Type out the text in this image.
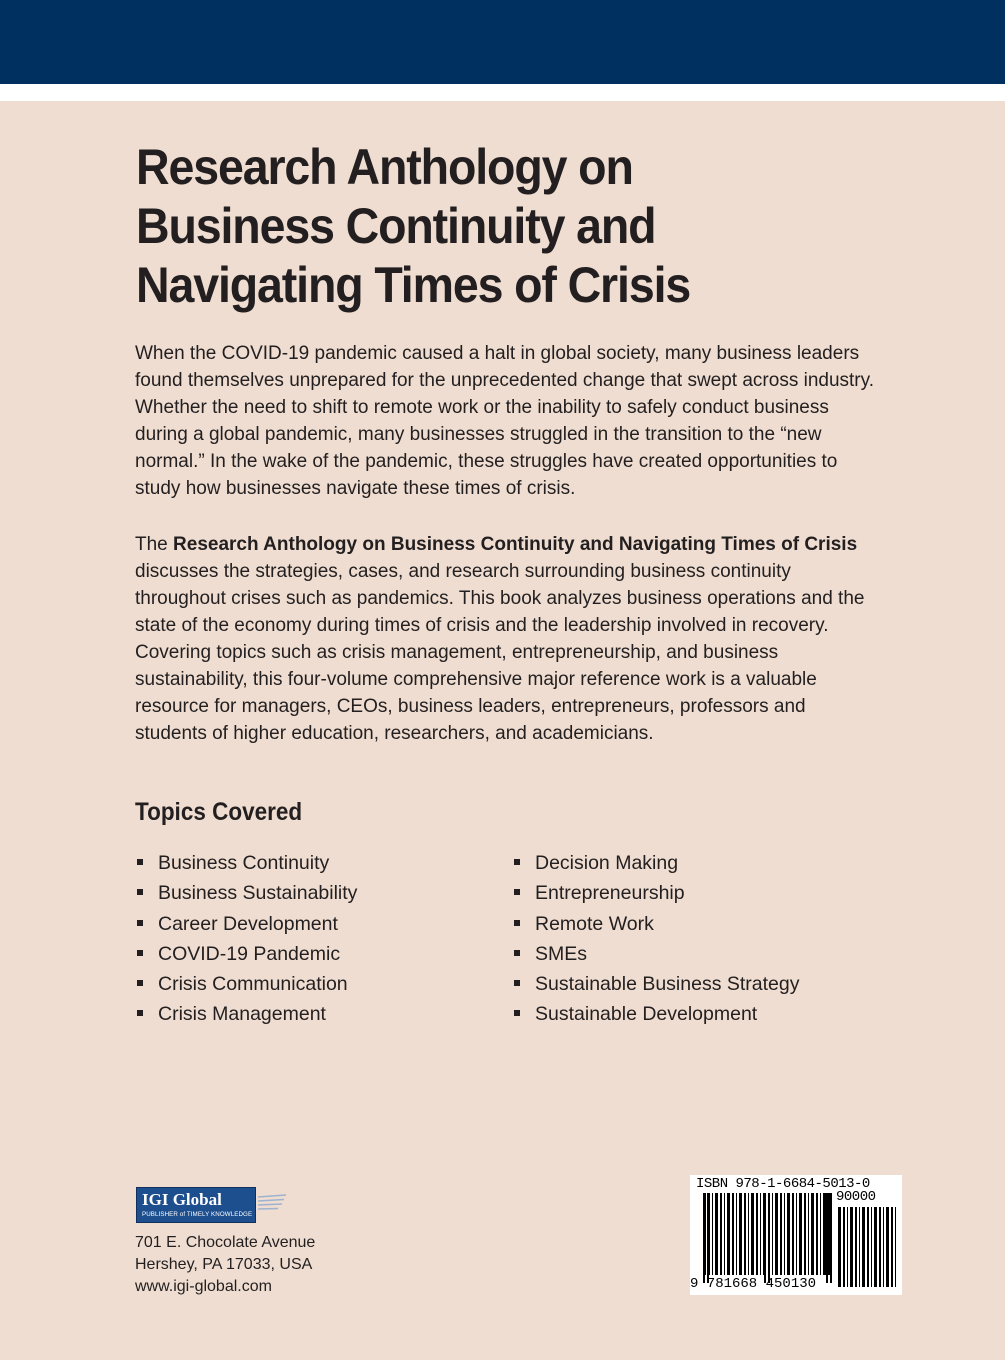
Research Anthology on
Business Continuity and
Navigating Times of Crisis

When the COVID-19 pandemic caused a halt in global society, many business leaders found themselves unprepared for the unprecedented change that swept across industry. Whether the need to shift to remote work or the inability to safely conduct business during a global pandemic, many businesses struggled in the transition to the “new normal.” In the wake of the pandemic, these struggles have created opportunities to study how businesses navigate these times of crisis.

The Research Anthology on Business Continuity and Navigating Times of Crisis discusses the strategies, cases, and research surrounding business continuity throughout crises such as pandemics. This book analyzes business operations and the state of the economy during times of crisis and the leadership involved in recovery. Covering topics such as crisis management, entrepreneurship, and business sustainability, this four-volume comprehensive major reference work is a valuable resource for managers, CEOs, business leaders, entrepreneurs, professors and students of higher education, researchers, and academicians.

Topics Covered
Business Continuity
Business Sustainability
Career Development
COVID-19 Pandemic
Crisis Communication
Crisis Management
Decision Making
Entrepreneurship
Remote Work
SMEs
Sustainable Business Strategy
Sustainable Development
IGI Global
PUBLISHER of TIMELY KNOWLEDGE

701 E. Chocolate Avenue
Hershey, PA 17033, USA
www.igi-global.com

ISBN 978-1-6684-5013-0
90000
9 781668 450130
